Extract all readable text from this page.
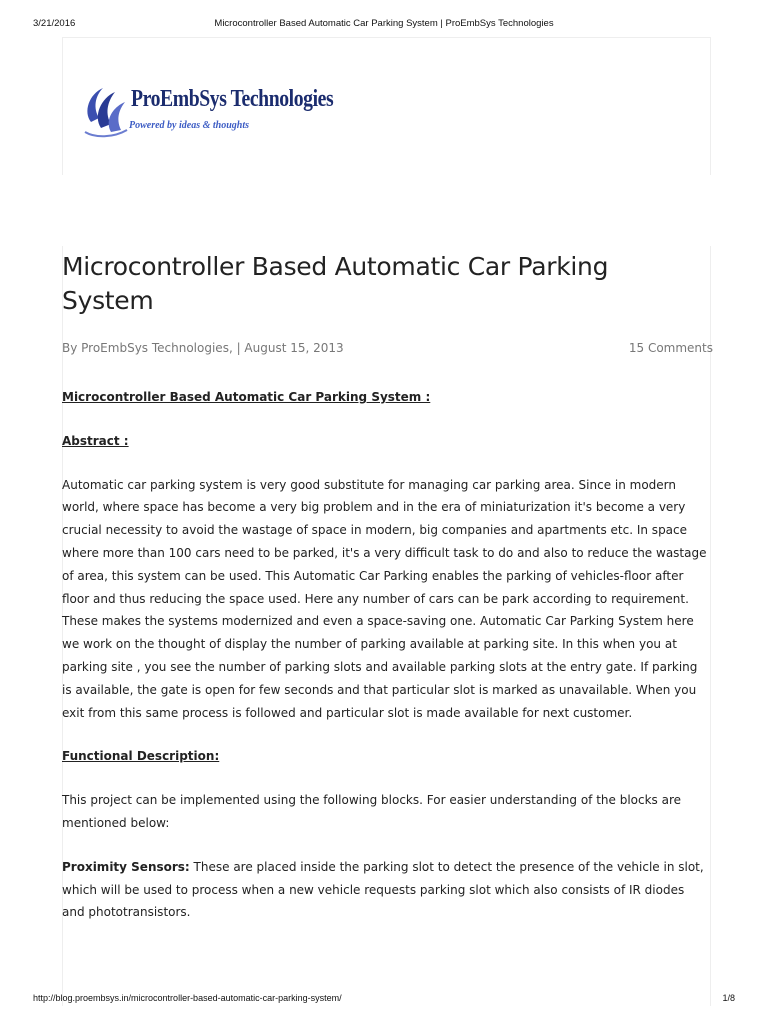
3/21/2016	Microcontroller Based Automatic Car Parking System | ProEmbSys Technologies
ProEmbSys Technologies
Powered by ideas & thoughts
Microcontroller Based Automatic Car Parking System
By ProEmbSys Technologies, | August 15, 2013	15 Comments

Microcontroller Based Automatic Car Parking System :

Abstract :

Automatic car parking system is very good substitute for managing car parking area. Since in modern world, where space has become a very big problem and in the era of miniaturization it's become a very crucial necessity to avoid the wastage of space in modern, big companies and apartments etc. In space where more than 100 cars need to be parked, it's a very difficult task to do and also to reduce the wastage of area, this system can be used. This Automatic Car Parking enables the parking of vehicles-floor after floor and thus reducing the space used. Here any number of cars can be park according to requirement. These makes the systems modernized and even a space-saving one. Automatic Car Parking System here we work on the thought of display the number of parking available at parking site. In this when you at parking site , you see the number of parking slots and available parking slots at the entry gate. If parking is available, the gate is open for few seconds and that particular slot is marked as unavailable. When you exit from this same process is followed and particular slot is made available for next customer.

Functional Description:

This project can be implemented using the following blocks. For easier understanding of the blocks are mentioned below:

Proximity Sensors: These are placed inside the parking slot to detect the presence of the vehicle in slot, which will be used to process when a new vehicle requests parking slot which also consists of IR diodes and phototransistors.

http://blog.proembsys.in/microcontroller-based-automatic-car-parking-system/	1/8
